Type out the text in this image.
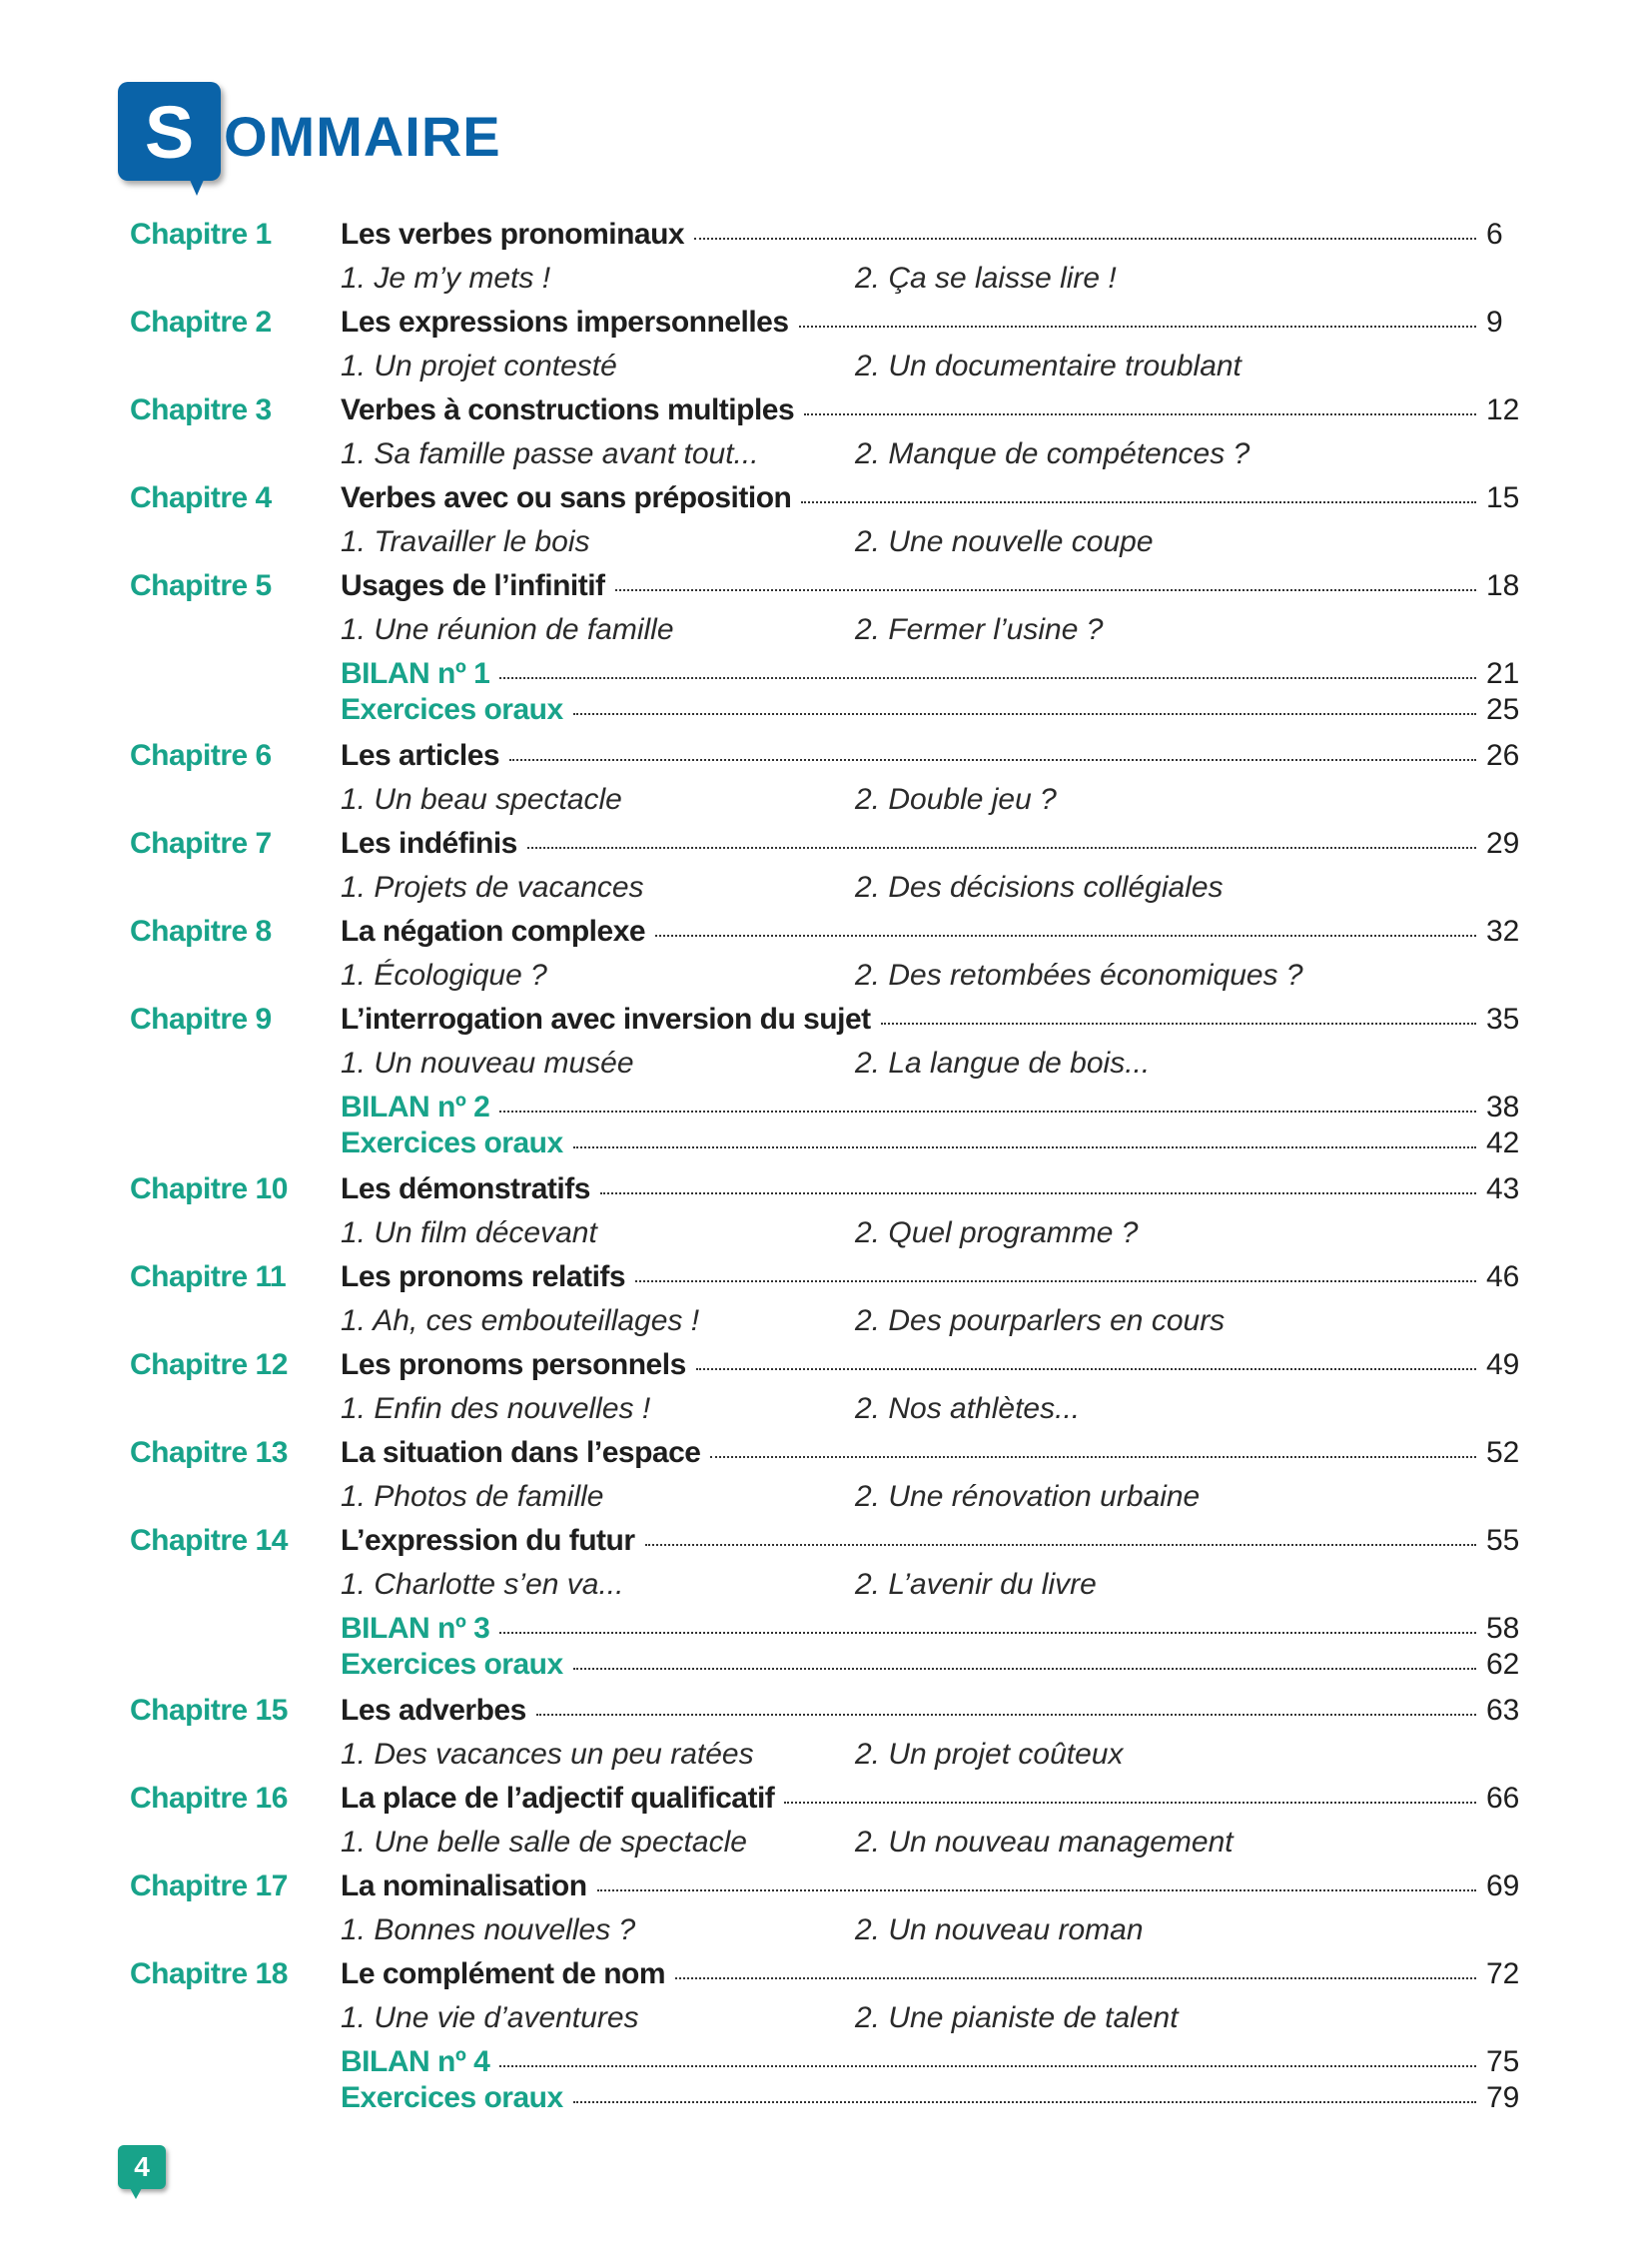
S OMMAIRE
Chapitre 1 Les verbes pronominaux	6
1. Je m’y mets !	2. Ça se laisse lire !
Chapitre 2 Les expressions impersonnelles	9
1. Un projet contesté	2. Un documentaire troublant
Chapitre 3 Verbes à constructions multiples	12
1. Sa famille passe avant tout...	2. Manque de compétences ?
Chapitre 4 Verbes avec ou sans préposition	15
1. Travailler le bois	2. Une nouvelle coupe
Chapitre 5 Usages de l’infinitif	18
1. Une réunion de famille	2. Fermer l’usine ?
BILAN nº 1	21
Exercices oraux	25
Chapitre 6 Les articles	26
1. Un beau spectacle	2. Double jeu ?
Chapitre 7 Les indéfinis	29
1. Projets de vacances	2. Des décisions collégiales
Chapitre 8 La négation complexe	32
1. Écologique ?	2. Des retombées économiques ?
Chapitre 9 L’interrogation avec inversion du sujet	35
1. Un nouveau musée	2. La langue de bois...
BILAN nº 2	38
Exercices oraux	42
Chapitre 10 Les démonstratifs	43
1. Un film décevant	2. Quel programme ?
Chapitre 11 Les pronoms relatifs	46
1. Ah, ces embouteillages !	2. Des pourparlers en cours
Chapitre 12 Les pronoms personnels	49
1. Enfin des nouvelles !	2. Nos athlètes...
Chapitre 13 La situation dans l’espace	52
1. Photos de famille	2. Une rénovation urbaine
Chapitre 14 L’expression du futur	55
1. Charlotte s’en va...	2. L’avenir du livre
BILAN nº 3	58
Exercices oraux	62
Chapitre 15 Les adverbes	63
1. Des vacances un peu ratées	2. Un projet coûteux
Chapitre 16 La place de l’adjectif qualificatif	66
1. Une belle salle de spectacle	2. Un nouveau management
Chapitre 17 La nominalisation	69
1. Bonnes nouvelles ?	2. Un nouveau roman
Chapitre 18 Le complément de nom	72
1. Une vie d’aventures	2. Une pianiste de talent
BILAN nº 4	75
Exercices oraux	79
4
